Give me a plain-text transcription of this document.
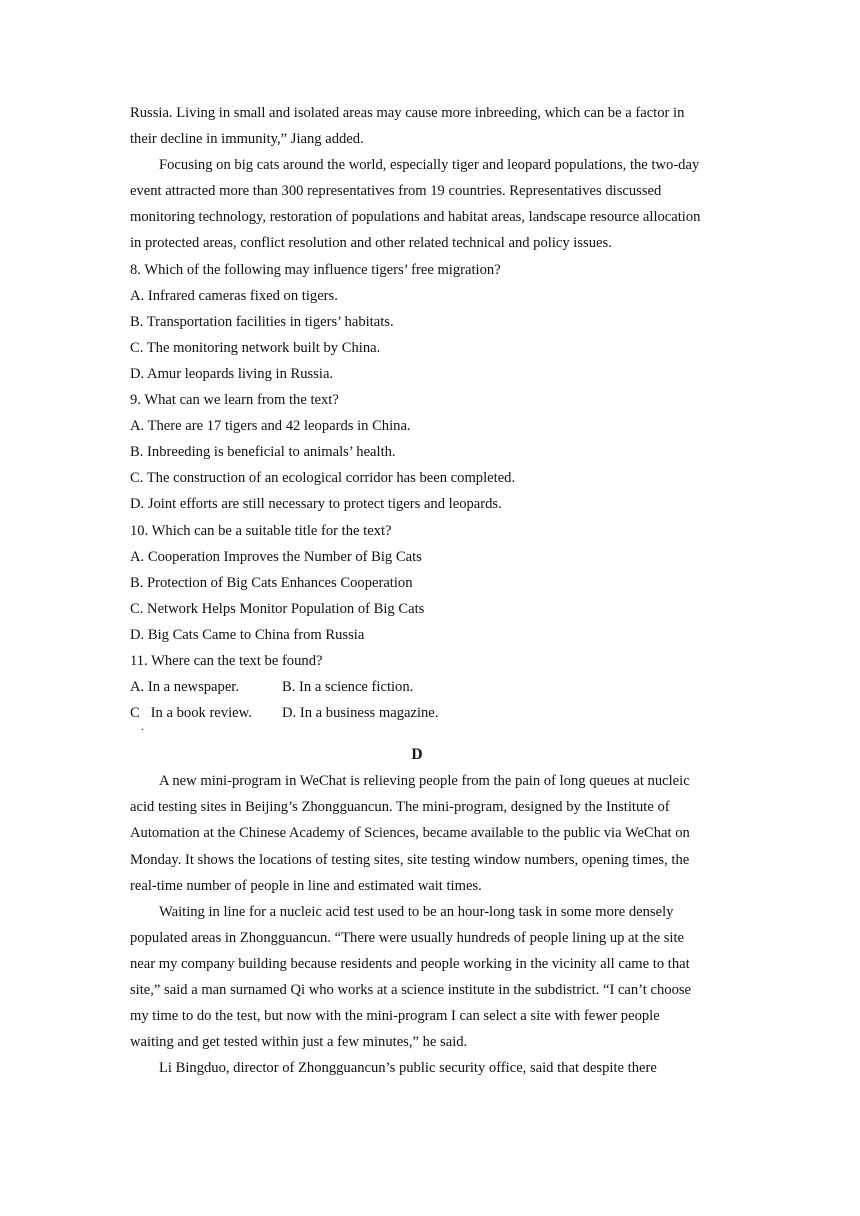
Russia. Living in small and isolated areas may cause more inbreeding, which can be a factor in their decline in immunity,” Jiang added.

Focusing on big cats around the world, especially tiger and leopard populations, the two-day event attracted more than 300 representatives from 19 countries. Representatives discussed monitoring technology, restoration of populations and habitat areas, landscape resource allocation in protected areas, conflict resolution and other related technical and policy issues.

8. Which of the following may influence tigers’ free migration?

A. Infrared cameras fixed on tigers.

B. Transportation facilities in tigers’ habitats.

C. The monitoring network built by China.

D. Amur leopards living in Russia.

9. What can we learn from the text?

A. There are 17 tigers and 42 leopards in China.

B. Inbreeding is beneficial to animals’ health.

C. The construction of an ecological corridor has been completed.

D. Joint efforts are still necessary to protect tigers and leopards.

10. Which can be a suitable title for the text?

A. Cooperation Improves the Number of Big Cats

B. Protection of Big Cats Enhances Cooperation

C. Network Helps Monitor Population of Big Cats

D. Big Cats Came to China from Russia

11. Where can the text be found?

A. In a newspaper.	B. In a science fiction.
C   In a book review.	D. In a business magazine.
.

D

A new mini-program in WeChat is relieving people from the pain of long queues at nucleic acid testing sites in Beijing’s Zhongguancun. The mini-program, designed by the Institute of Automation at the Chinese Academy of Sciences, became available to the public via WeChat on Monday. It shows the locations of testing sites, site testing window numbers, opening times, the real-time number of people in line and estimated wait times.

Waiting in line for a nucleic acid test used to be an hour-long task in some more densely populated areas in Zhongguancun. “There were usually hundreds of people lining up at the site near my company building because residents and people working in the vicinity all came to that site,” said a man surnamed Qi who works at a science institute in the subdistrict. “I can’t choose my time to do the test, but now with the mini-program I can select a site with fewer people waiting and get tested within just a few minutes,” he said.

Li Bingduo, director of Zhongguancun’s public security office, said that despite there
